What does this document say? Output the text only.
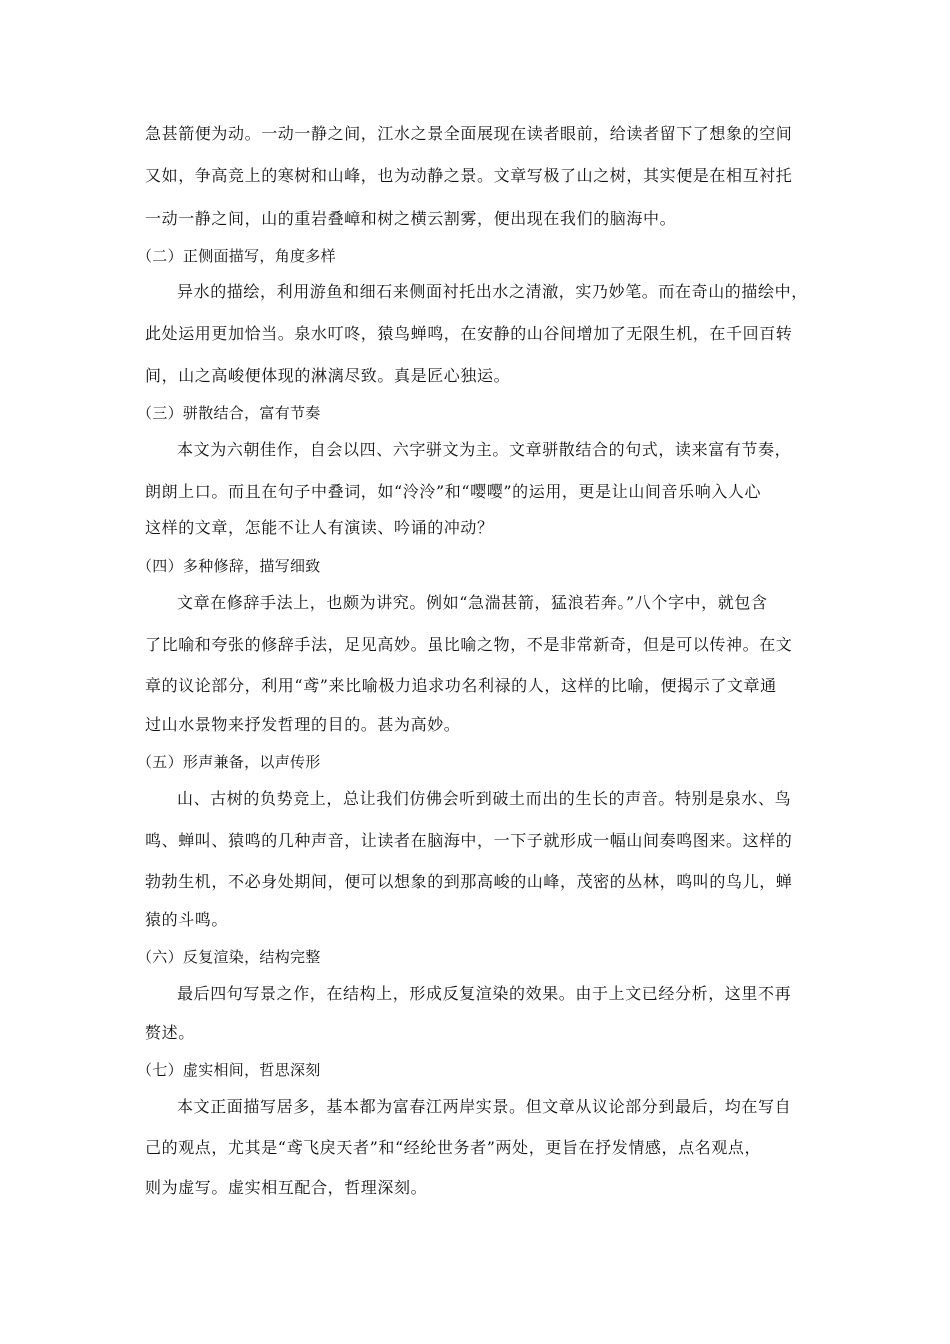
急甚箭便为动。一动一静之间，江水之景全面展现在读者眼前，给读者留下了想象的空间
又如，争高竞上的寒树和山峰，也为动静之景。文章写极了山之树，其实便是在相互衬托
一动一静之间，山的重岩叠嶂和树之横云割雾，便出现在我们的脑海中。
（二）正侧面描写，角度多样
异水的描绘，利用游鱼和细石来侧面衬托出水之清澈，实乃妙笔。而在奇山的描绘中，
此处运用更加恰当。泉水叮咚，猿鸟蝉鸣，在安静的山谷间增加了无限生机，在千回百转
间，山之高峻便体现的淋漓尽致。真是匠心独运。
（三）骈散结合，富有节奏
本文为六朝佳作，自会以四、六字骈文为主。文章骈散结合的句式，读来富有节奏，
朗朗上口。而且在句子中叠词，如“泠泠”和“嘤嘤”的运用，更是让山间音乐响入人心
这样的文章，怎能不让人有演读、吟诵的冲动？
（四）多种修辞，描写细致
文章在修辞手法上，也颇为讲究。例如“急湍甚箭，猛浪若奔。”八个字中，就包含
了比喻和夸张的修辞手法，足见高妙。虽比喻之物，不是非常新奇，但是可以传神。在文
章的议论部分，利用“鸢”来比喻极力追求功名利禄的人，这样的比喻，便揭示了文章通
过山水景物来抒发哲理的目的。甚为高妙。
（五）形声兼备，以声传形
山、古树的负势竞上，总让我们仿佛会听到破土而出的生长的声音。特别是泉水、鸟
鸣、蝉叫、猿鸣的几种声音，让读者在脑海中，一下子就形成一幅山间奏鸣图来。这样的
勃勃生机，不必身处期间，便可以想象的到那高峻的山峰，茂密的丛林，鸣叫的鸟儿，蝉
猿的斗鸣。
（六）反复渲染，结构完整
最后四句写景之作，在结构上，形成反复渲染的效果。由于上文已经分析，这里不再
赘述。
（七）虚实相间，哲思深刻
本文正面描写居多，基本都为富春江两岸实景。但文章从议论部分到最后，均在写自
己的观点，尤其是“鸢飞戾天者”和“经纶世务者”两处，更旨在抒发情感，点名观点，
则为虚写。虚实相互配合，哲理深刻。
